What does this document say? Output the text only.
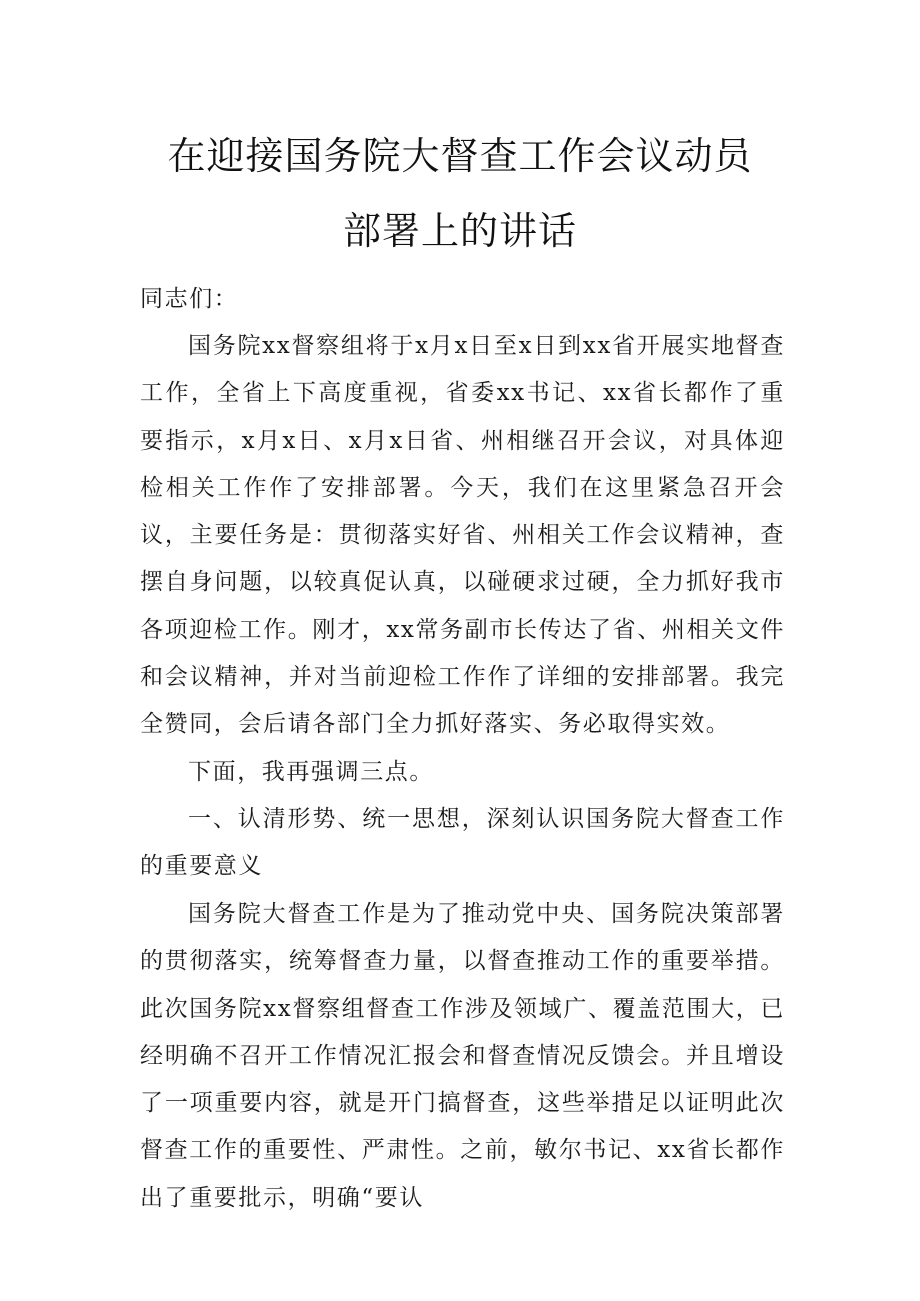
在迎接国务院大督查工作会议动员
部署上的讲话

同志们：

国务院xx督察组将于x月x日至x日到xx省开展实地督查工作，全省上下高度重视，省委xx书记、xx省长都作了重要指示，x月x日、x月x日省、州相继召开会议，对具体迎检相关工作作了安排部署。今天，我们在这里紧急召开会议，主要任务是：贯彻落实好省、州相关工作会议精神，查摆自身问题，以较真促认真，以碰硬求过硬，全力抓好我市各项迎检工作。刚才，xx常务副市长传达了省、州相关文件和会议精神，并对当前迎检工作作了详细的安排部署。我完全赞同，会后请各部门全力抓好落实、务必取得实效。

下面，我再强调三点。

一、认清形势、统一思想，深刻认识国务院大督查工作的重要意义

国务院大督查工作是为了推动党中央、国务院决策部署的贯彻落实，统筹督查力量，以督查推动工作的重要举措。此次国务院xx督察组督查工作涉及领域广、覆盖范围大，已经明确不召开工作情况汇报会和督查情况反馈会。并且增设了一项重要内容，就是开门搞督查，这些举措足以证明此次督查工作的重要性、严肃性。之前，敏尔书记、xx省长都作出了重要批示，明确“要认
